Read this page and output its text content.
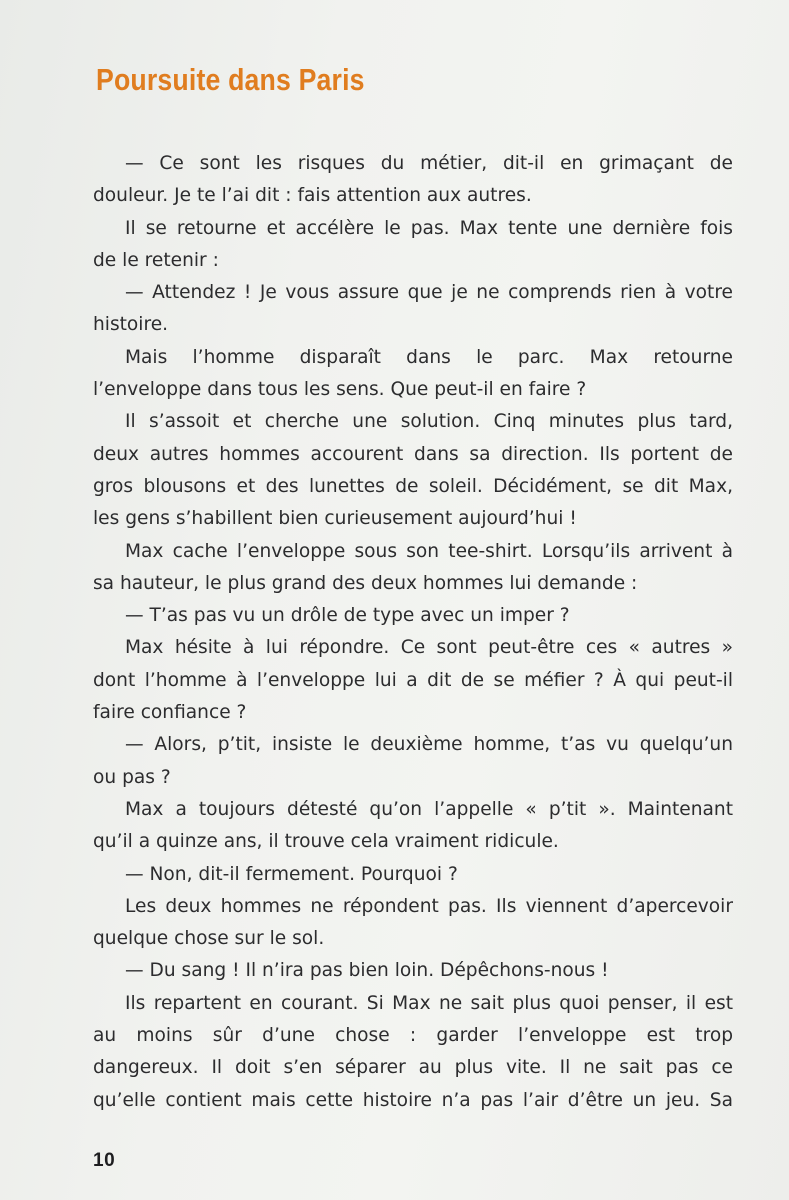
Poursuite dans Paris
— Ce sont les risques du métier, dit-il en grimaçant de
douleur. Je te l’ai dit : fais attention aux autres.
Il se retourne et accélère le pas. Max tente une dernière fois
de le retenir :
— Attendez ! Je vous assure que je ne comprends rien à votre
histoire.
Mais l’homme disparaît dans le parc. Max retourne
l’enveloppe dans tous les sens. Que peut-il en faire ?
Il s’assoit et cherche une solution. Cinq minutes plus tard,
deux autres hommes accourent dans sa direction. Ils portent de
gros blousons et des lunettes de soleil. Décidément, se dit Max,
les gens s’habillent bien curieusement aujourd’hui !
Max cache l’enveloppe sous son tee-shirt. Lorsqu’ils arrivent à
sa hauteur, le plus grand des deux hommes lui demande :
— T’as pas vu un drôle de type avec un imper ?
Max hésite à lui répondre. Ce sont peut-être ces « autres »
dont l’homme à l’enveloppe lui a dit de se méfier ? À qui peut-il
faire confiance ?
— Alors, p’tit, insiste le deuxième homme, t’as vu quelqu’un
ou pas ?
Max a toujours détesté qu’on l’appelle « p’tit ». Maintenant
qu’il a quinze ans, il trouve cela vraiment ridicule.
— Non, dit-il fermement. Pourquoi ?
Les deux hommes ne répondent pas. Ils viennent d’apercevoir
quelque chose sur le sol.
— Du sang ! Il n’ira pas bien loin. Dépêchons-nous !
Ils repartent en courant. Si Max ne sait plus quoi penser, il est
au moins sûr d’une chose : garder l’enveloppe est trop
dangereux. Il doit s’en séparer au plus vite. Il ne sait pas ce
qu’elle contient mais cette histoire n’a pas l’air d’être un jeu. Sa
10
